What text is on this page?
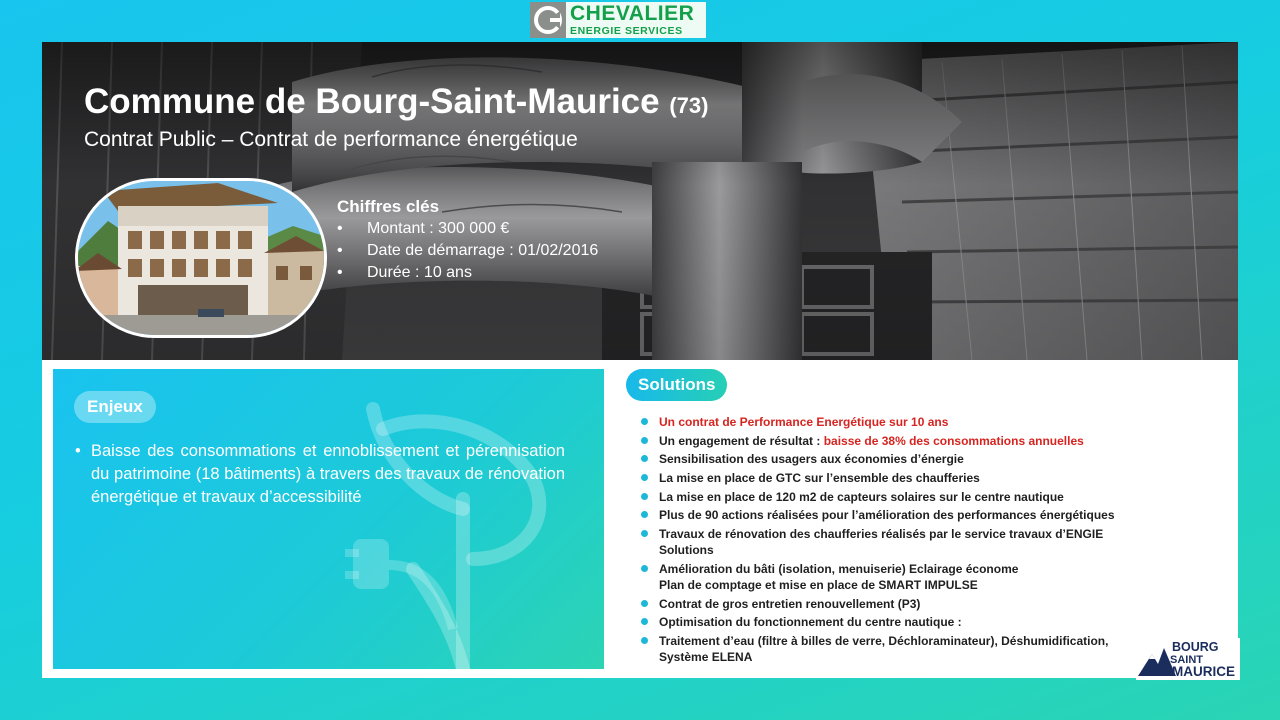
CHEVALIER
ENERGIE SERVICES
Commune de Bourg-Saint-Maurice (73)
Contrat Public – Contrat de performance énergétique
Chiffres clés
• Montant : 300 000 €
• Date de démarrage : 01/02/2016
• Durée : 10 ans
Enjeux
• Baisse des consommations et ennoblissement et pérennisation du patrimoine (18 bâtiments) à travers des travaux de rénovation énergétique et travaux d’accessibilité
Solutions
Un contrat de Performance Energétique sur 10 ans
Un engagement de résultat : baisse de 38% des consommations annuelles
Sensibilisation des usagers aux économies d’énergie
La mise en place de GTC sur l’ensemble des chaufferies
La mise en place de 120 m2 de capteurs solaires sur le centre nautique
Plus de 90 actions réalisées pour l’amélioration des performances énergétiques
Travaux de rénovation des chaufferies réalisés par le service travaux d’ENGIE Solutions
Amélioration du bâti (isolation, menuiserie) Eclairage économe
Plan de comptage et mise en place de SMART IMPULSE
Contrat de gros entretien renouvellement (P3)
Optimisation du fonctionnement du centre nautique :
Traitement d’eau (filtre à billes de verre, Déchloraminateur), Déshumidification,
Système ELENA
BOURG
SAINT
MAURICE
